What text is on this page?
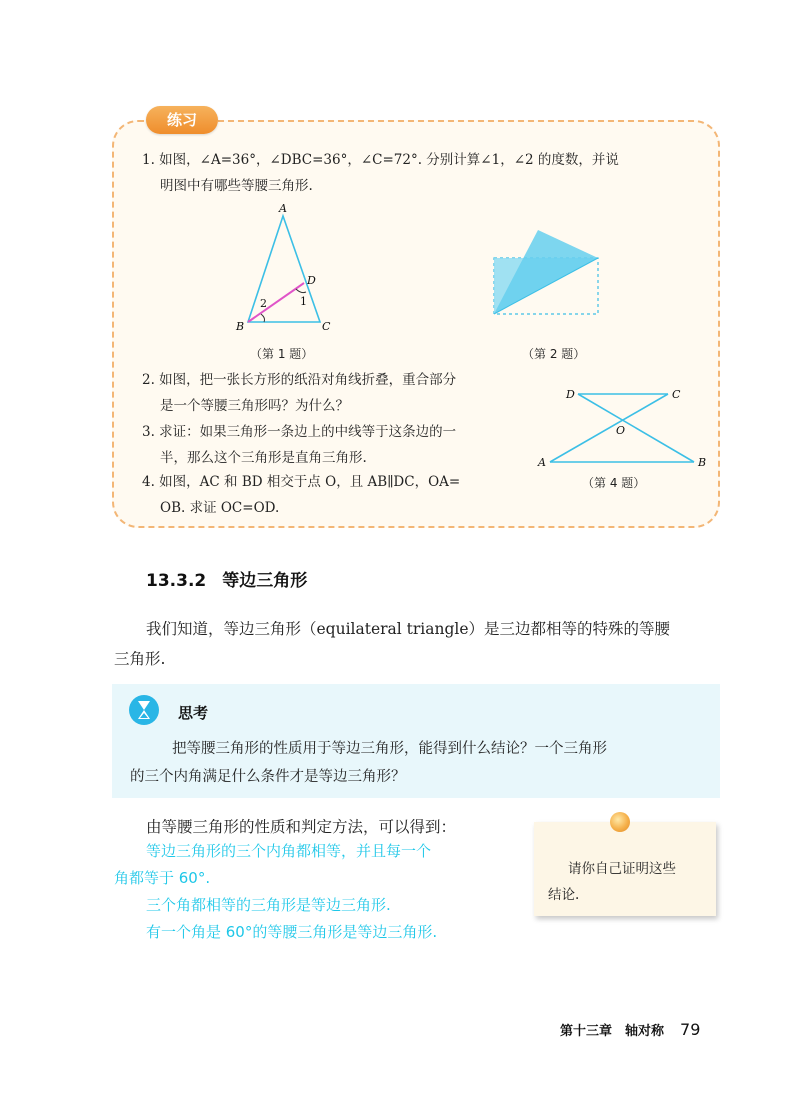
练习
1. 如图，∠A=36°，∠DBC=36°，∠C=72°. 分别计算∠1，∠2 的度数，并说
明图中有哪些等腰三角形.
A
B	C
D
1
2
（第 1 题）	（第 2 题）
2. 如图，把一张长方形的纸沿对角线折叠，重合部分
是一个等腰三角形吗？为什么？
3. 求证：如果三角形一条边上的中线等于这条边的一
半，那么这个三角形是直角三角形.
4. 如图，AC 和 BD 相交于点 O，且 AB∥DC，OA=
OB. 求证 OC=OD.
D	C
O
A	B
（第 4 题）
13.3.2 等边三角形
我们知道，等边三角形（equilateral triangle）是三边都相等的特殊的等腰
三角形.
思考
把等腰三角形的性质用于等边三角形，能得到什么结论？一个三角形
的三个内角满足什么条件才是等边三角形？
由等腰三角形的性质和判定方法，可以得到：
等边三角形的三个内角都相等，并且每一个
角都等于 60°.
三个角都相等的三角形是等边三角形.
有一个角是 60°的等腰三角形是等边三角形.
请你自己证明这些
结论.
第十三章　轴对称 79
